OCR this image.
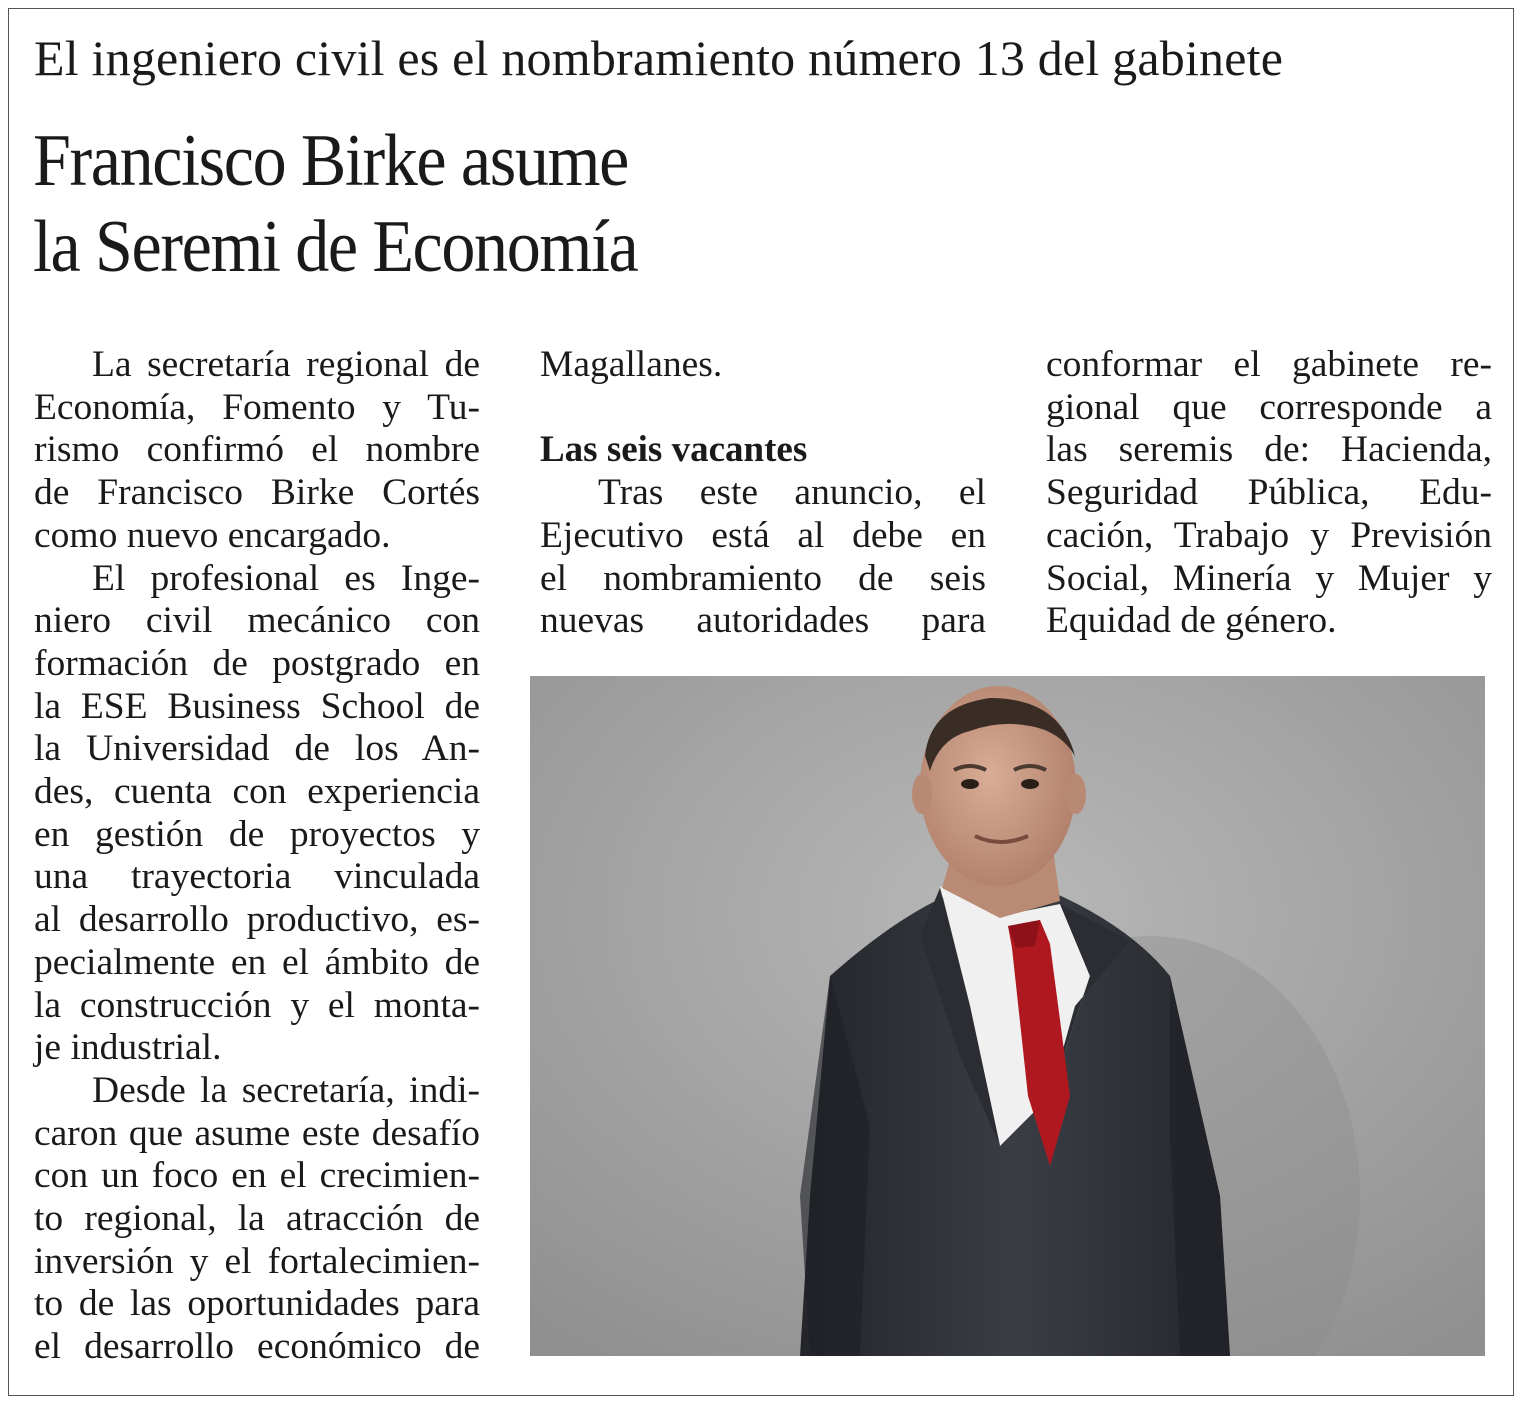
El ingeniero civil es el nombramiento número 13 del gabinete
Francisco Birke asume
la Seremi de Economía
La secretaría regional de
Economía, Fomento y Tu-
rismo confirmó el nombre
de Francisco Birke Cortés
como nuevo encargado.
El profesional es Inge-
niero civil mecánico con
formación de postgrado en
la ESE Business School de
la Universidad de los An-
des, cuenta con experiencia
en gestión de proyectos y
una trayectoria vinculada
al desarrollo productivo, es-
pecialmente en el ámbito de
la construcción y el monta-
je industrial.
Desde la secretaría, indi-
caron que asume este desafío
con un foco en el crecimien-
to regional, la atracción de
inversión y el fortalecimien-
to de las oportunidades para
el desarrollo económico de
Magallanes.
Las seis vacantes
Tras este anuncio, el
Ejecutivo está al debe en
el nombramiento de seis
nuevas autoridades para
conformar el gabinete re-
gional que corresponde a
las seremis de: Hacienda,
Seguridad Pública, Edu-
cación, Trabajo y Previsión
Social, Minería y Mujer y
Equidad de género.
